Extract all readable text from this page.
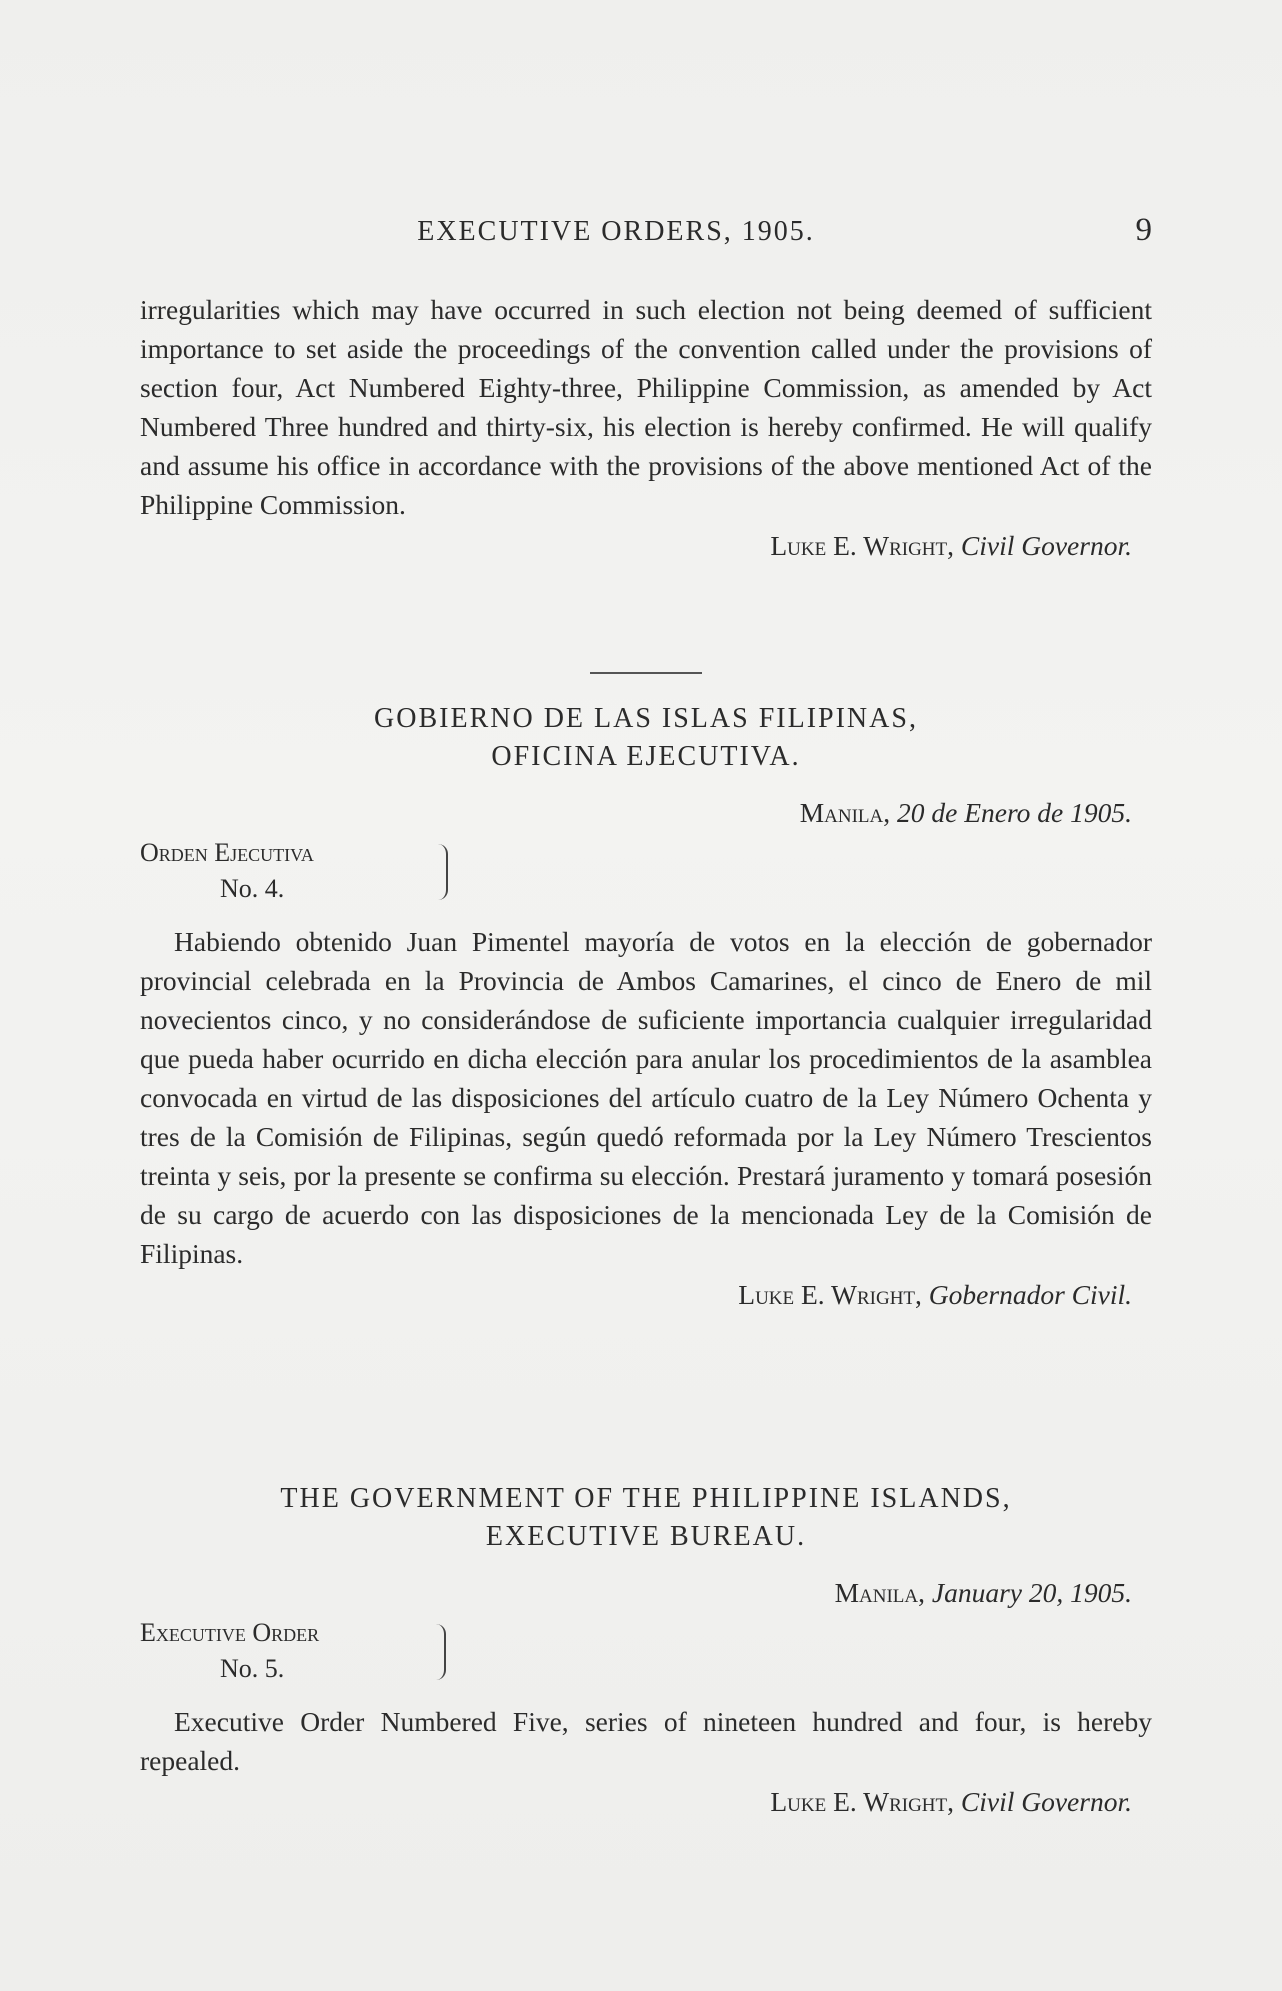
EXECUTIVE ORDERS, 1905.	9

irregularities which may have occurred in such election not being deemed of sufficient importance to set aside the proceedings of the convention called under the provisions of section four, Act Numbered Eighty-three, Philippine Commission, as amended by Act Numbered Three hundred and thirty-six, his election is hereby confirmed. He will qualify and assume his office in accordance with the provisions of the above mentioned Act of the Philippine Commission.

Luke E. Wright, Civil Governor.
GOBIERNO DE LAS ISLAS FILIPINAS,
OFICINA EJECUTIVA.
Manila, 20 de Enero de 1905.
Orden Ejecutiva
No. 4.

Habiendo obtenido Juan Pimentel mayoría de votos en la elección de gobernador provincial celebrada en la Provincia de Ambos Camarines, el cinco de Enero de mil novecientos cinco, y no considerándose de suficiente importancia cualquier irregularidad que pueda haber ocurrido en dicha elección para anular los procedimientos de la asamblea convocada en virtud de las disposiciones del artículo cuatro de la Ley Número Ochenta y tres de la Comisión de Filipinas, según quedó reformada por la Ley Número Trescientos treinta y seis, por la presente se confirma su elección. Prestará juramento y tomará posesión de su cargo de acuerdo con las disposiciones de la mencionada Ley de la Comisión de Filipinas.

Luke E. Wright, Gobernador Civil.
THE GOVERNMENT OF THE PHILIPPINE ISLANDS,
EXECUTIVE BUREAU.
Manila, January 20, 1905.
Executive Order
No. 5.

Executive Order Numbered Five, series of nineteen hundred and four, is hereby repealed.

Luke E. Wright, Civil Governor.
